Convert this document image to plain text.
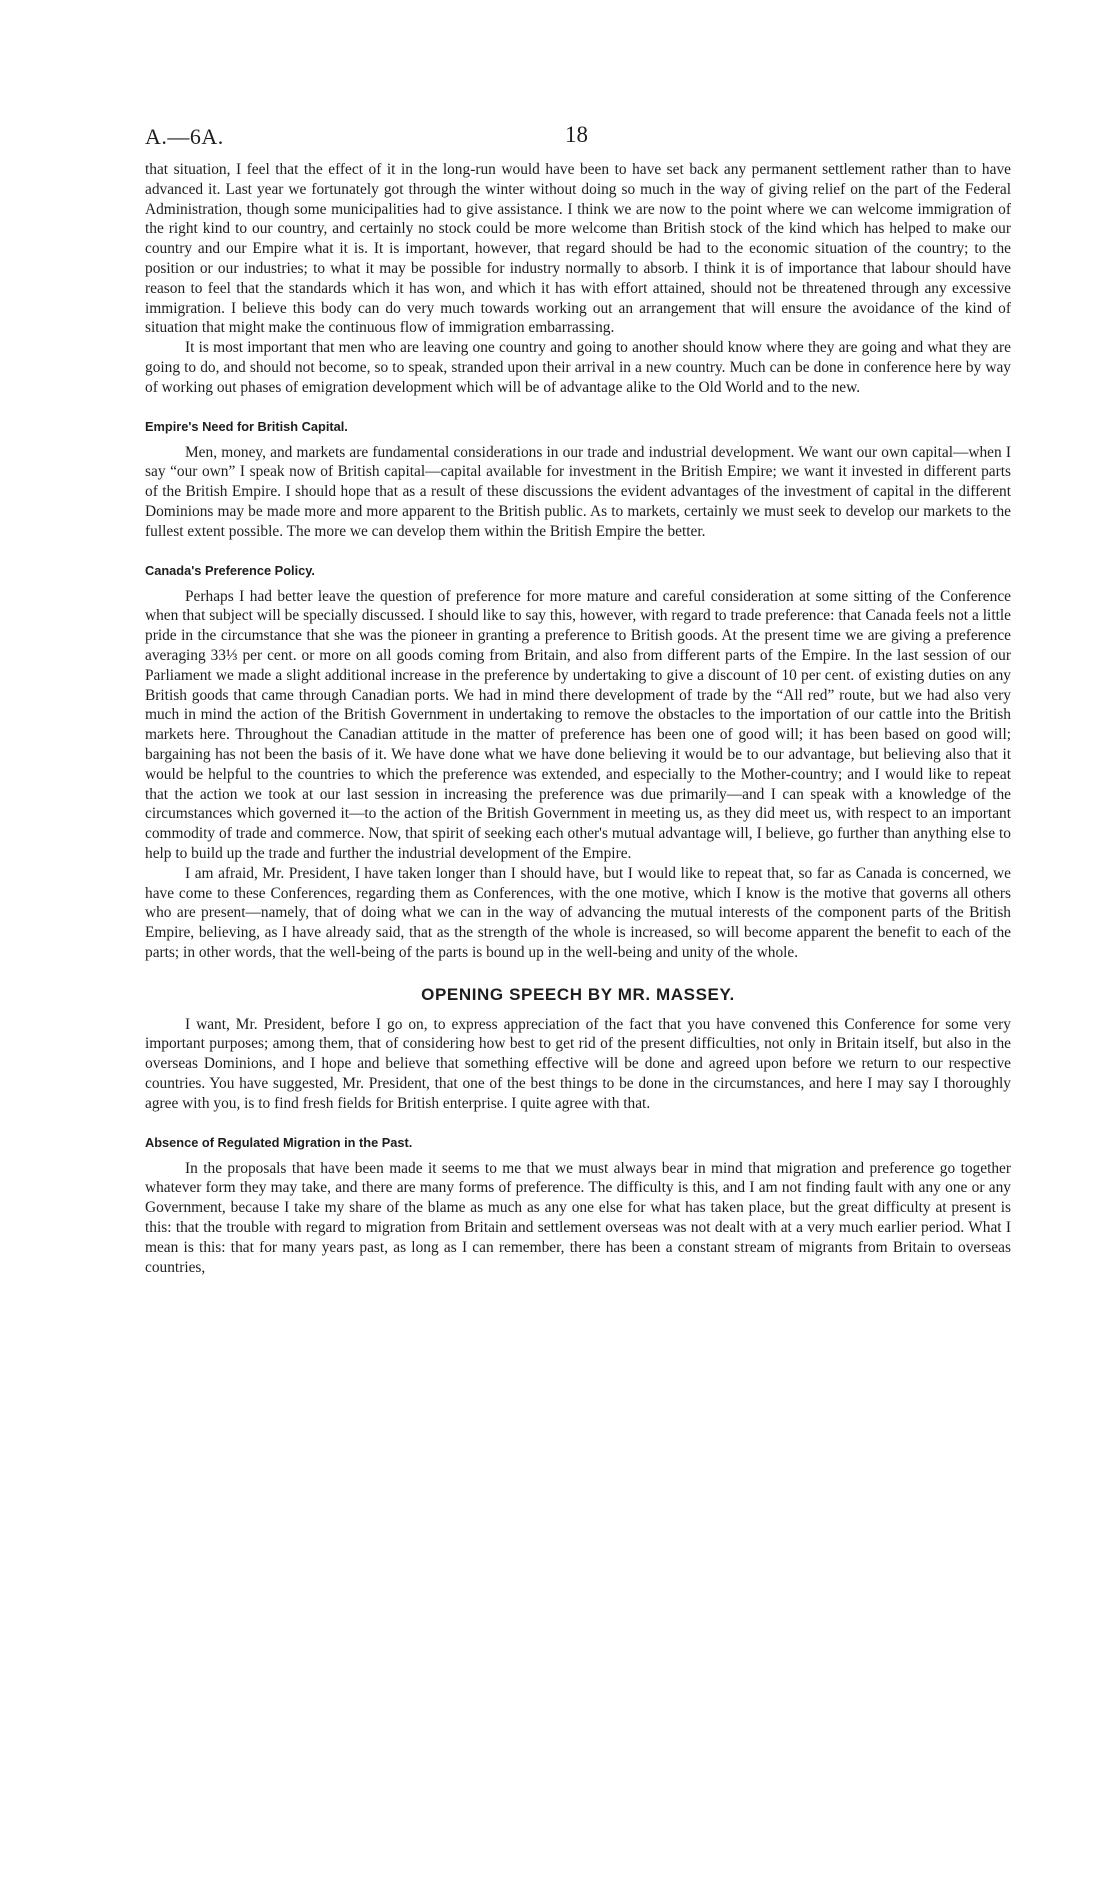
A.—6A.	18

that situation, I feel that the effect of it in the long-run would have been to have set back any permanent settlement rather than to have advanced it. Last year we fortunately got through the winter without doing so much in the way of giving relief on the part of the Federal Administration, though some municipalities had to give assistance. I think we are now to the point where we can welcome immigration of the right kind to our country, and certainly no stock could be more welcome than British stock of the kind which has helped to make our country and our Empire what it is. It is important, however, that regard should be had to the economic situation of the country; to the position or our industries; to what it may be possible for industry normally to absorb. I think it is of importance that labour should have reason to feel that the standards which it has won, and which it has with effort attained, should not be threatened through any excessive immigration. I believe this body can do very much towards working out an arrangement that will ensure the avoidance of the kind of situation that might make the continuous flow of immigration embarrassing.

It is most important that men who are leaving one country and going to another should know where they are going and what they are going to do, and should not become, so to speak, stranded upon their arrival in a new country. Much can be done in conference here by way of working out phases of emigration development which will be of advantage alike to the Old World and to the new.

Empire's Need for British Capital.

Men, money, and markets are fundamental considerations in our trade and industrial development. We want our own capital—when I say “our own” I speak now of British capital—capital available for investment in the British Empire; we want it invested in different parts of the British Empire. I should hope that as a result of these discussions the evident advantages of the investment of capital in the different Dominions may be made more and more apparent to the British public. As to markets, certainly we must seek to develop our markets to the fullest extent possible. The more we can develop them within the British Empire the better.

Canada's Preference Policy.

Perhaps I had better leave the question of preference for more mature and careful consideration at some sitting of the Conference when that subject will be specially discussed. I should like to say this, however, with regard to trade preference: that Canada feels not a little pride in the circumstance that she was the pioneer in granting a preference to British goods. At the present time we are giving a preference averaging 33⅓ per cent. or more on all goods coming from Britain, and also from different parts of the Empire. In the last session of our Parliament we made a slight additional increase in the preference by undertaking to give a discount of 10 per cent. of existing duties on any British goods that came through Canadian ports. We had in mind there development of trade by the “All red” route, but we had also very much in mind the action of the British Government in undertaking to remove the obstacles to the importation of our cattle into the British markets here. Throughout the Canadian attitude in the matter of preference has been one of good will; it has been based on good will; bargaining has not been the basis of it. We have done what we have done believing it would be to our advantage, but believing also that it would be helpful to the countries to which the preference was extended, and especially to the Mother-country; and I would like to repeat that the action we took at our last session in increasing the preference was due primarily—and I can speak with a knowledge of the circumstances which governed it—to the action of the British Government in meeting us, as they did meet us, with respect to an important commodity of trade and commerce. Now, that spirit of seeking each other's mutual advantage will, I believe, go further than anything else to help to build up the trade and further the industrial development of the Empire.

I am afraid, Mr. President, I have taken longer than I should have, but I would like to repeat that, so far as Canada is concerned, we have come to these Conferences, regarding them as Conferences, with the one motive, which I know is the motive that governs all others who are present—namely, that of doing what we can in the way of advancing the mutual interests of the component parts of the British Empire, believing, as I have already said, that as the strength of the whole is increased, so will become apparent the benefit to each of the parts; in other words, that the well-being of the parts is bound up in the well-being and unity of the whole.

OPENING SPEECH BY MR. MASSEY.

I want, Mr. President, before I go on, to express appreciation of the fact that you have convened this Conference for some very important purposes; among them, that of considering how best to get rid of the present difficulties, not only in Britain itself, but also in the overseas Dominions, and I hope and believe that something effective will be done and agreed upon before we return to our respective countries. You have suggested, Mr. President, that one of the best things to be done in the circumstances, and here I may say I thoroughly agree with you, is to find fresh fields for British enterprise. I quite agree with that.

Absence of Regulated Migration in the Past.

In the proposals that have been made it seems to me that we must always bear in mind that migration and preference go together whatever form they may take, and there are many forms of preference. The difficulty is this, and I am not finding fault with any one or any Government, because I take my share of the blame as much as any one else for what has taken place, but the great difficulty at present is this: that the trouble with regard to migration from Britain and settlement overseas was not dealt with at a very much earlier period. What I mean is this: that for many years past, as long as I can remember, there has been a constant stream of migrants from Britain to overseas countries,
